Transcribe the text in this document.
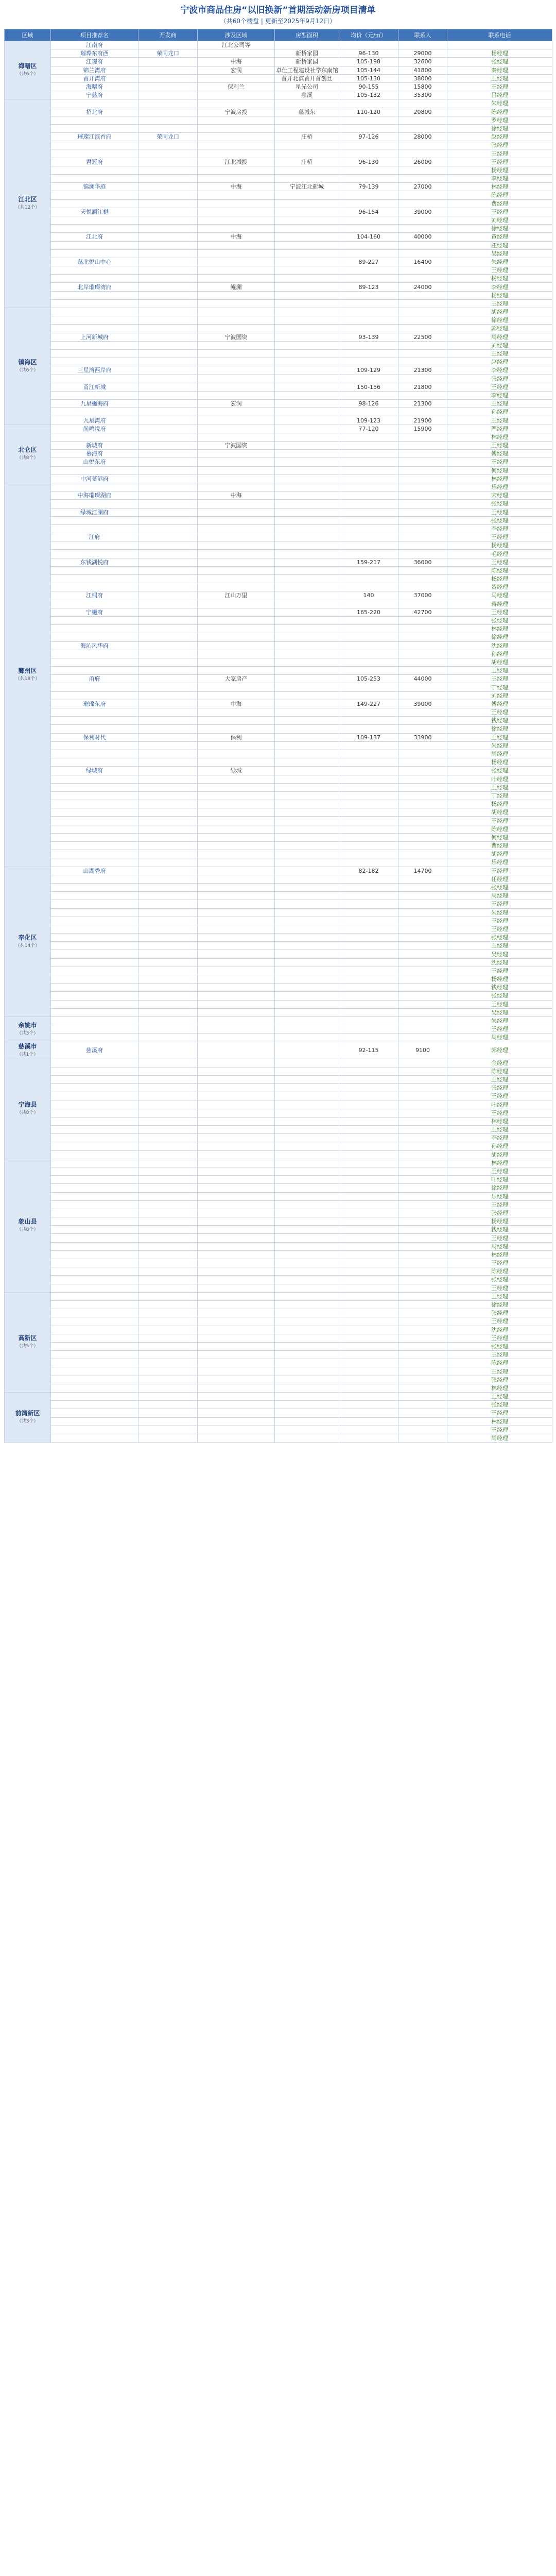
宁波市商品住房“以旧换新”首期活动新房项目清单
（共60个楼盘 | 更新至2025年9月12日）
区域	项目推荐名	开发商	涉及区域	房型面积	均价（元/㎡）	联系人	联系电话	
海曙区
（共6个）	江南府		江北公司等					
	璀璨东府西	荣同龙口		新桥家园	96-130	29000	杨经理	
	江璟府		中海	新桥家园	105-198	32600	张经理	
	锦兰湾府		宏润	卓仕工程建设社学东南馆	105-144	41800	秦经理	
	首开湾府			首开北滨首开首创旦	105-130	38000	王经理	
	海曙府		保利兰	星光公司	90-155	15800	王经理	
	宁慈府			慈溪	105-132	35300	吕经理	
江北区
（共12个）							朱经理	
	招北府		宁波房投	慈城东	110-120	20800	陈经理	
							罗经理	
							徐经理	
	璀璨江滨首府	荣同龙口		庄桥	97-126	28000	赵经理	
							张经理	
							王经理	
	君冠府		江北城投	庄桥	96-130	26000	王经理	
							杨经理	
							李经理	
	锦澜华庭		中海	宁波江北新城	79-139	27000	林经理	
							陈经理	
							费经理	
	天悦澜江樾				96-154	39000	王经理	
							刘经理	
							徐经理	
	江北府		中海		104-160	40000	黄经理	
							汪经理	
							吴经理	
	慈北悦山中心				89-227	16400	朱经理	
							王经理	
							杨经理	
	北岸璀璨湾府		鲲澜		89-123	24000	李经理	
							杨经理	
							王经理	
镇海区
（共6个）							胡经理	
							徐经理	
							郭经理	
	上河新城府		宁波国资		93-139	22500	周经理	
							刘经理	
							王经理	
							赵经理	
	三星湾西岸府				109-129	21300	李经理	
							张经理	
	甬江新城				150-156	21800	王经理	
							李经理	
	九星樾海府		宏润		98-126	21300	王经理	
							孙经理	
	九星湾府				109-123	21900	王经理	
北仑区
（共8个）	尚鸣悦府				77-120	15900	严经理	
							林经理	
	新城府		宁波国资				王经理	
	慕海府						傅经理	
	山悦东府						王经理	
							何经理	
	中河慕港府						林经理	
鄞州区
（共18个）							乐经理	
	中海璀璨湖府		中海				宋经理	
							张经理	
	绿城江澜府						王经理	
							张经理	
							李经理	
	江府						王经理	
							杨经理	
							毛经理	
	东钱湖悦府				159-217	36000	王经理	
							陈经理	
							杨经理	
							贺经理	
	江桐府		江山万里		140	37000	马经理	
							蒋经理	
	宁樾府				165-220	42700	王经理	
							张经理	
							林经理	
							徐经理	
	海沁风华府						沈经理	
							孙经理	
							胡经理	
							王经理	
	甬府		大家房产		105-253	44000	王经理	
							丁经理	
							刘经理	
	璀璨东府		中海		149-227	39000	傅经理	
							王经理	
							钱经理	
							徐经理	
	保利时代		保利		109-137	33900	王经理	
							朱经理	
							周经理	
							杨经理	
	绿城府		绿城				张经理	
							叶经理	
							王经理	
							丁经理	
							杨经理	
							胡经理	
							王经理	
							陈经理	
							何经理	
							曹经理	
							胡经理	
							乐经理	
奉化区
（共14个）	山湖秀府				82-182	14700	王经理	
							任经理	
							张经理	
							周经理	
							王经理	
							朱经理	
							王经理	
							王经理	
							张经理	
							王经理	
							吴经理	
							沈经理	
							王经理	
							杨经理	
							钱经理	
							张经理	
							王经理	
							吴经理	
余姚市
（共3个）							朱经理	
							王经理	
							周经理	
慈溪市
（共1个）	慈溪府				92-115	9100	郭经理	
宁海县
（共8个）							金经理	
							陈经理	
							王经理	
							张经理	
							王经理	
							叶经理	
							王经理	
							林经理	
							王经理	
							李经理	
							孙经理	
							胡经理	
象山县
（共8个）							林经理	
							王经理	
							叶经理	
							徐经理	
							乐经理	
							王经理	
							张经理	
							杨经理	
							钱经理	
							王经理	
							周经理	
							林经理	
							王经理	
							陈经理	
							张经理	
							王经理	
高新区
（共5个）							王经理	
							徐经理	
							张经理	
							王经理	
							沈经理	
							王经理	
							张经理	
							王经理	
							陈经理	
							王经理	
							张经理	
							林经理	
前湾新区
（共3个）							王经理	
							张经理	
							王经理	
							林经理	
							王经理	
							周经理	
